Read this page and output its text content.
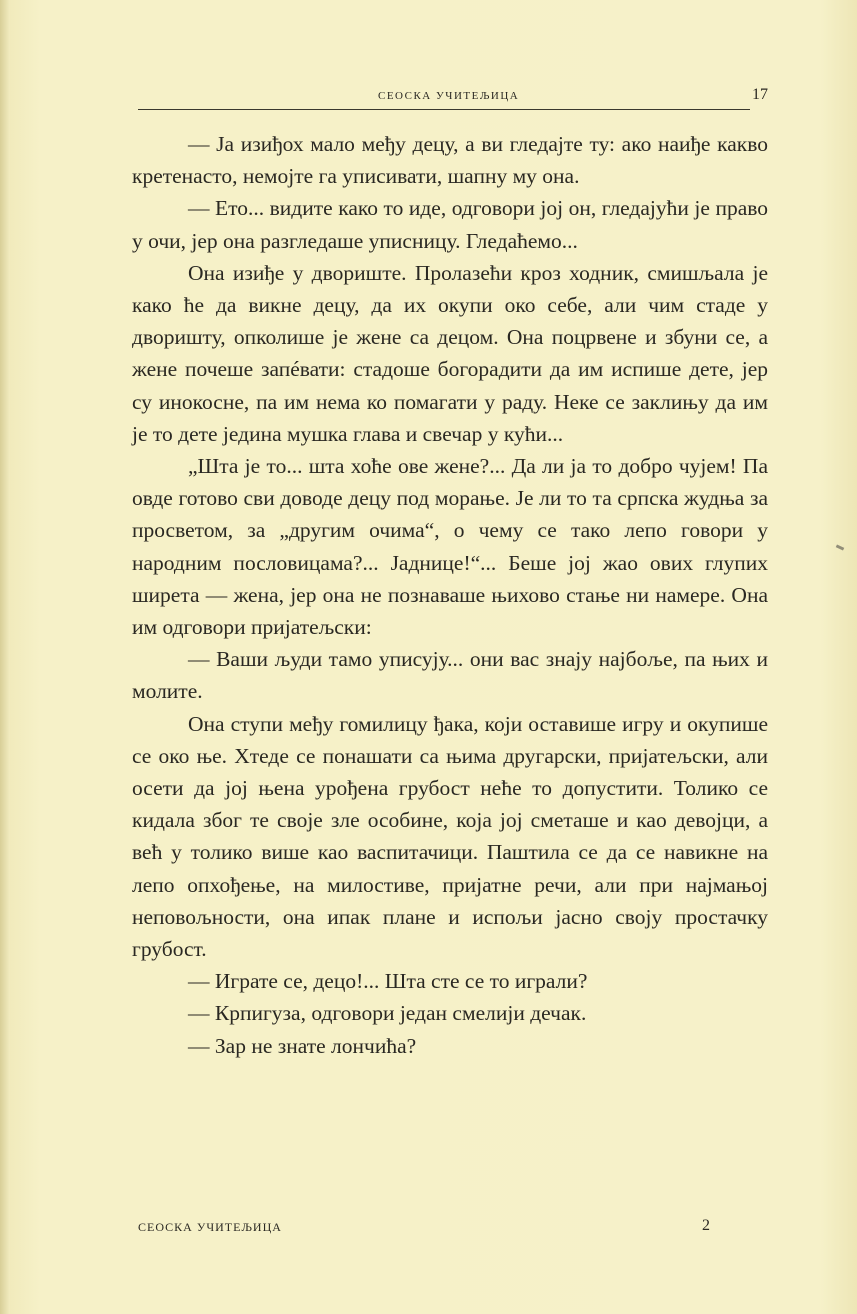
СЕОСКА УЧИТЕЉИЦА	17

— Ја изиђох мало међу децу, а ви гледајте ту: ако наиђе какво кретенасто, немојте га уписивати, шапну му она.

— Ето... видите како то иде, одговори јој он, гледајући је право у очи, јер она разгледаше уписницу. Гледаћемо...

Она изиђе у двориште. Пролазећи кроз ходник, смишљала је како ће да викне децу, да их окупи око себе, али чим стаде у дворишту, опколише је жене са децом. Она поцрвене и збуни се, а жене почеше запéвати: стадоше богорадити да им испише дете, јер су инокосне, па им нема ко помагати у раду. Неке се заклињу да им је то дете једина мушка глава и свечар у кући...

„Шта је то... шта хоће ове жене?... Да ли ја то добро чујем! Па овде готово сви доводе децу под морање. Је ли то та српска жудња за просветом, за „другим очима“, о чему се тако лепо говори у народним пословицама?... Јаднице!“... Беше јој жао ових глупих ширета — жена, јер она не познаваше њихово стање ни намере. Она им одговори пријатељски:

— Ваши људи тамо уписују... они вас знају најбоље, па њих и молите.

Она ступи међу гомилицу ђака, који оставише игру и окупише се око ње. Хтеде се понашати са њима другарски, пријатељски, али осети да јој њена урођена грубост неће то допустити. Толико се кидала због те своје зле особине, која јој сметаше и као девојци, а већ у толико више као васпитачици. Паштила се да се навикне на лепо опхођење, на милостиве, пријатне речи, али при најмањој неповољности, она ипак плане и испољи јасно своју простачку грубост.

— Играте се, децо!... Шта сте се то играли?

— Крпигуза, одговори један смелији дечак.

— Зар не знате лончића?

СЕОСКА УЧИТЕЉИЦА	2
